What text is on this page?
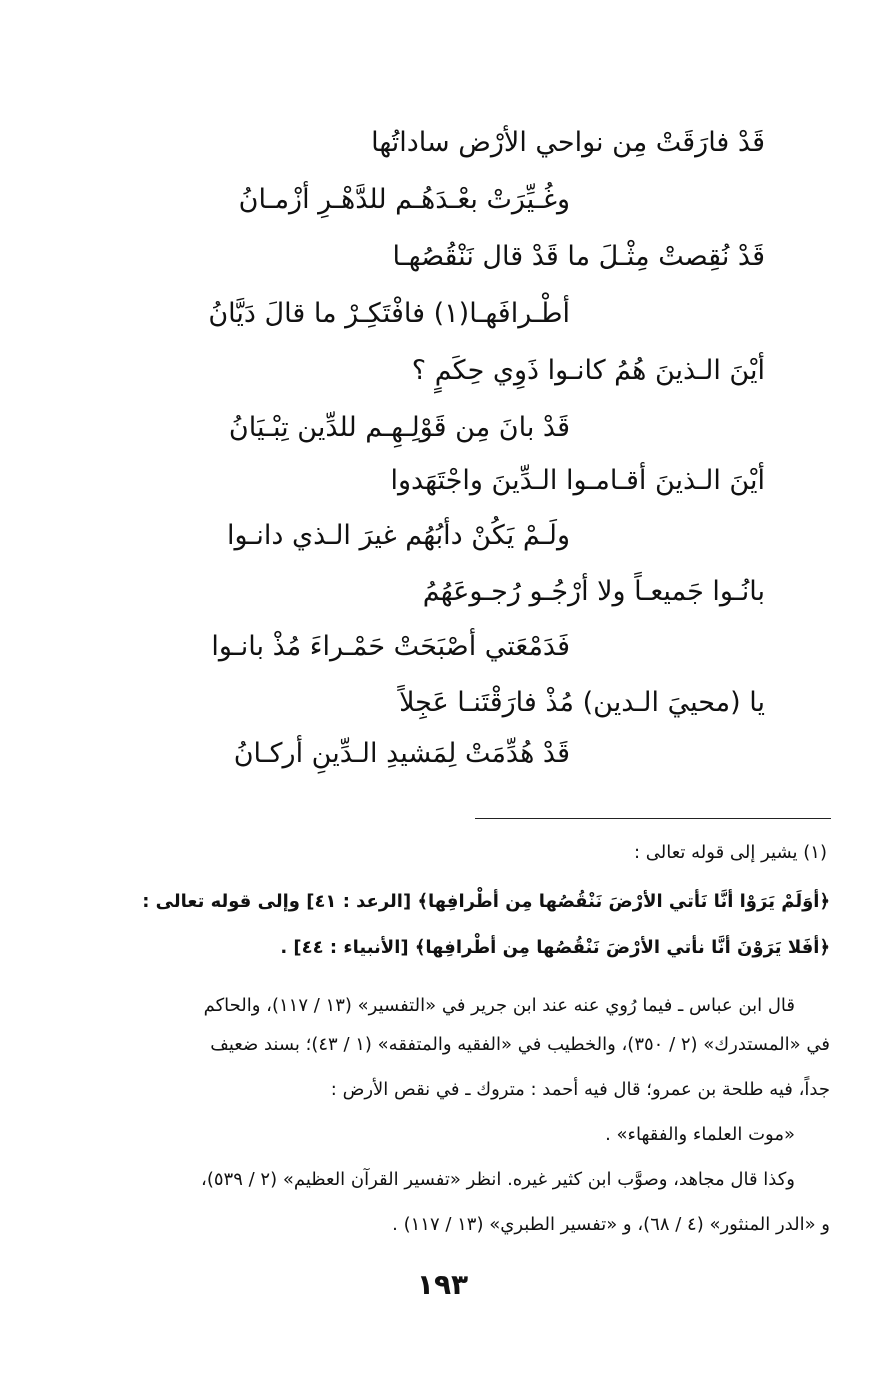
قَدْ فارَقَتْ مِن نواحي الأرْض ساداتُها
وغُـيِّرَتْ بعْـدَهُـم للدَّهْـرِ أزْمـانُ
قَدْ نُقِصتْ مِثْـلَ ما قَدْ قال نَنْقُصُهـا
أطْـرافَهـا(١) فافْتَكِـرْ ما قالَ دَيَّانُ
أيْنَ الـذينَ هُمُ كانـوا ذَوِي حِكَمٍ ؟
قَدْ بانَ مِن قَوْلِـهِـم للدِّين تِبْـيَانُ
أيْنَ الـذينَ أقـامـوا الـدِّينَ واجْتَهَدوا
ولَـمْ يَكُنْ دأبُهُم غيرَ الـذي دانـوا
بانُـوا جَميعـاً ولا أرْجُـو رُجـوعَهُمُ
فَدَمْعَتي أصْبَحَتْ حَمْـراءَ مُذْ بانـوا
يا (محييَ الـدين) مُذْ فارَقْتَنـا عَجِلاً
قَدْ هُدِّمَتْ لِمَشيدِ الـدِّينِ أركـانُ
(١) يشير إلى قوله تعالى :
﴿أوَلَمْ يَرَوْا أنَّا نَأتي الأرْضَ نَنْقُصُها مِن أطْرافِها﴾ [الرعد : ٤١] وإلى قوله تعالى :
﴿أفَلا يَرَوْنَ أنَّا نأتي الأرْضَ نَنْقُصُها مِن أطْرافِها﴾ [الأنبياء : ٤٤] .
قال ابن عباس ـ فيما رُوي عنه عند ابن جرير في «التفسير» (١٣ / ١١٧)، والحاكم
في «المستدرك» (٢ / ٣٥٠)، والخطيب في «الفقيه والمتفقه» (١ / ٤٣)؛ بسند ضعيف
جداً، فيه طلحة بن عمرو؛ قال فيه أحمد : متروك ـ في نقص الأرض :
«موت العلماء والفقهاء» .
وكذا قال مجاهد، وصوَّب ابن كثير غيره. انظر «تفسير القرآن العظيم» (٢ / ٥٣٩)،
و «الدر المنثور» (٤ / ٦٨)، و «تفسير الطبري» (١٣ / ١١٧) .
١٩٣
